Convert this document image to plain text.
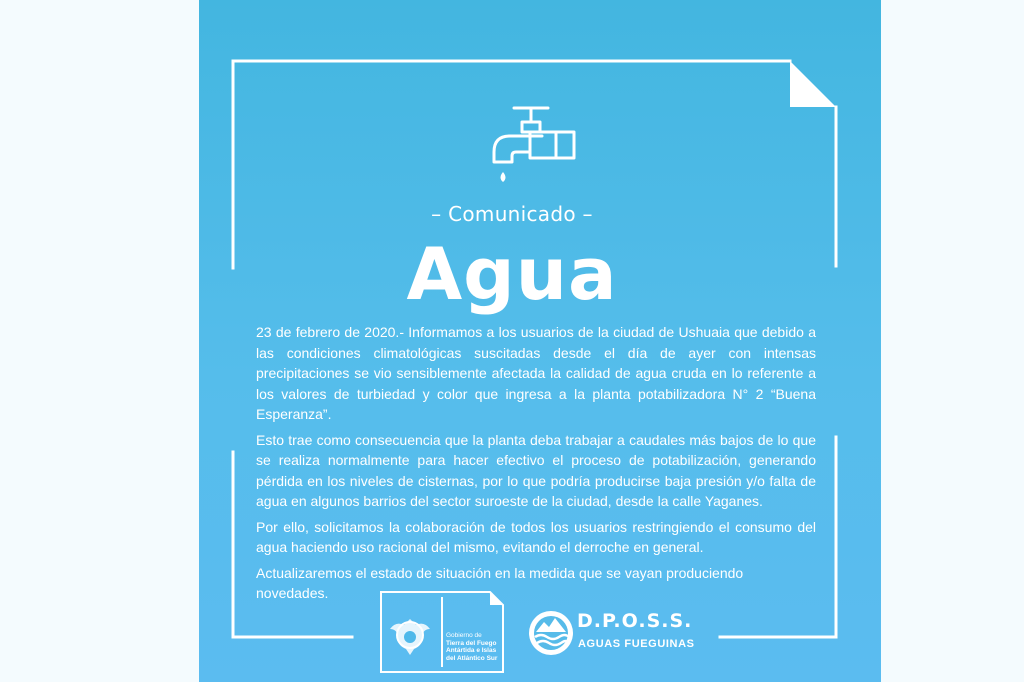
– Comunicado –
Agua

23 de febrero de 2020.- Informamos a los usuarios de la ciudad de Ushuaia que debido a las condiciones climatológicas suscitadas desde el día de ayer con intensas precipitaciones se vio sensiblemente afectada la calidad de agua cruda en lo referente a los valores de turbiedad y color que ingresa a la planta potabilizadora N° 2 “Buena Esperanza”.

Esto trae como consecuencia que la planta deba trabajar a caudales más bajos de lo que se realiza normalmente para hacer efectivo el proceso de potabilización, generando pérdida en los niveles de cisternas, por lo que podría producirse baja presión y/o falta de agua en algunos barrios del sector suroeste de la ciudad, desde la calle Yaganes.

Por ello, solicitamos la colaboración de todos los usuarios restringiendo el consumo del agua haciendo uso racional del mismo, evitando el derroche en general.

Actualizaremos el estado de situación en la medida que se vayan produciendo novedades.

Gobierno de
Tierra del Fuego
Antártida e Islas
del Atlántico Sur
D.P.O.S.S.
AGUAS FUEGUINAS
